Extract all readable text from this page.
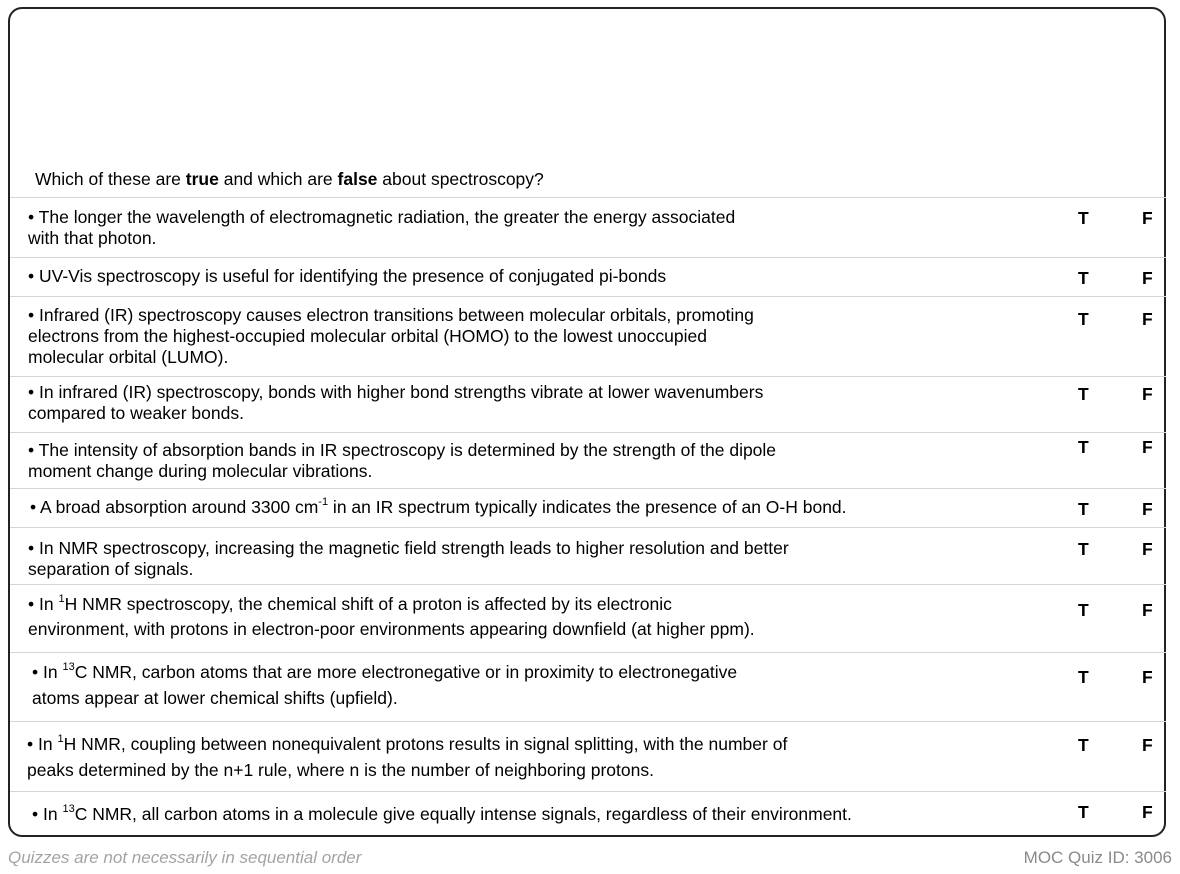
Which of these are true and which are false about spectroscopy?
• The longer the wavelength of electromagnetic radiation, the greater the energy associated
with that photon.
T	F
• UV-Vis spectroscopy is useful for identifying the presence of conjugated pi-bonds	T	F
• Infrared (IR) spectroscopy causes electron transitions between molecular orbitals, promoting
electrons from the highest-occupied molecular orbital (HOMO) to the lowest unoccupied
molecular orbital (LUMO).
T	F
• In infrared (IR) spectroscopy, bonds with higher bond strengths vibrate at lower wavenumbers
compared to weaker bonds.
T	F
• The intensity of absorption bands in IR spectroscopy is determined by the strength of the dipole
moment change during molecular vibrations.
T	F
• A broad absorption around 3300 $cm^{-1}$ in an IR spectrum typically indicates the presence of an O-H bond.	T	F
• In NMR spectroscopy, increasing the magnetic field strength leads to higher resolution and better
separation of signals.
T	F
• In $^1$H NMR spectroscopy, the chemical shift of a proton is affected by its electronic
environment, with protons in electron-poor environments appearing downfield (at higher ppm).
T	F
• In $^{13}$C NMR, carbon atoms that are more electronegative or in proximity to electronegative
atoms appear at lower chemical shifts (upfield).
T	F
• In $^1$H NMR, coupling between nonequivalent protons results in signal splitting, with the number of
peaks determined by the n+1 rule, where n is the number of neighboring protons.
T	F
• In $^{13}$C NMR, all carbon atoms in a molecule give equally intense signals, regardless of their environment.	T	F
Quizzes are not necessarily in sequential order	MOC Quiz ID: 3006
